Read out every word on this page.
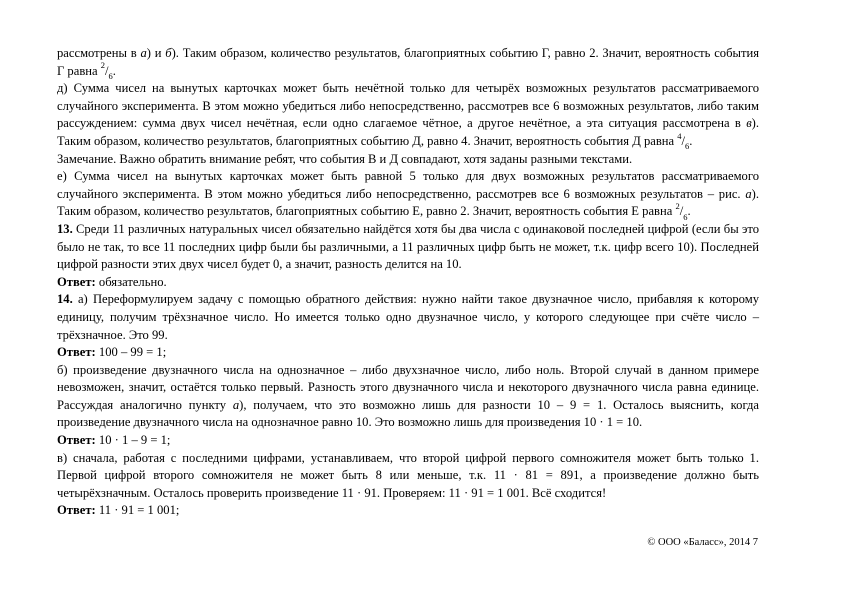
рассмотрены в а) и б). Таким образом, количество результатов, благоприятных событию Г, равно 2. Значит, вероятность события Г равна $^2/_6$.

д) Сумма чисел на вынутых карточках может быть нечётной только для четырёх возможных результатов рассматриваемого случайного эксперимента. В этом можно убедиться либо непосредственно, рассмотрев все 6 возможных результатов, либо таким рассуждением: сумма двух чисел нечётная, если одно слагаемое чётное, а другое нечётное, а эта ситуация рассмотрена в в). Таким образом, количество результатов, благоприятных событию Д, равно 4. Значит, вероятность события Д равна $^4/_6$.

Замечание. Важно обратить внимание ребят, что события В и Д совпадают, хотя заданы разными текстами.

е) Сумма чисел на вынутых карточках может быть равной 5 только для двух возможных результатов рассматриваемого случайного эксперимента. В этом можно убедиться либо непосредственно, рассмотрев все 6 возможных результатов – рис. а). Таким образом, количество результатов, благоприятных событию Е, равно 2. Значит, вероятность события Е равна $^2/_6$.

13. Среди 11 различных натуральных чисел обязательно найдётся хотя бы два числа с одинаковой последней цифрой (если бы это было не так, то все 11 последних цифр были бы различными, а 11 различных цифр быть не может, т.к. цифр всего 10). Последней цифрой разности этих двух чисел будет 0, а значит, разность делится на 10.

Ответ: обязательно.

14. а) Переформулируем задачу с помощью обратного действия: нужно найти такое двузначное число, прибавляя к которому единицу, получим трёхзначное число. Но имеется только одно двузначное число, у которого следующее при счёте число – трёхзначное. Это 99.

Ответ: 100 – 99 = 1;

б) произведение двузначного числа на однозначное – либо двухзначное число, либо ноль. Второй случай в данном примере невозможен, значит, остаётся только первый. Разность этого двузначного числа и некоторого двузначного числа равна единице. Рассуждая аналогично пункту а), получаем, что это возможно лишь для разности 10 – 9 = 1. Осталось выяснить, когда произведение двузначного числа на однозначное равно 10. Это возможно лишь для произведения 10 · 1 = 10.

Ответ: 10 · 1 – 9 = 1;

в) сначала, работая с последними цифрами, устанавливаем, что второй цифрой первого сомножителя может быть только 1. Первой цифрой второго сомножителя не может быть 8 или меньше, т.к. 11 · 81 = 891, а произведение должно быть четырёхзначным. Осталось проверить произведение 11 · 91. Проверяем: 11 · 91 = 1 001. Всё сходится!

Ответ: 11 · 91 = 1 001;

© ООО «Баласс», 2014 7
